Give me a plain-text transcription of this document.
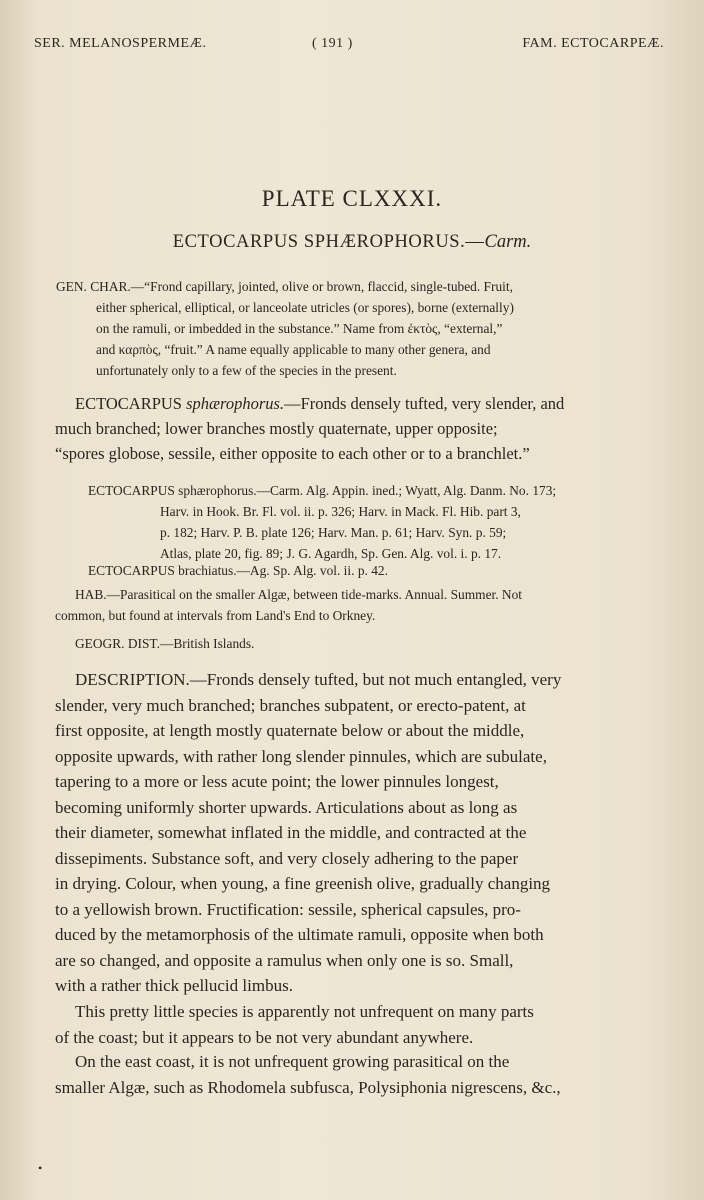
SER. MELANOSPERMEÆ.	( 191 )	FAM. ECTOCARPEÆ.
PLATE CLXXXI.
ECTOCARPUS SPHÆROPHORUS.—Carm.
GEN. CHAR.—“Frond capillary, jointed, olive or brown, flaccid, single-tubed. Fruit,
either spherical, elliptical, or lanceolate utricles (or spores), borne (externally)
on the ramuli, or imbedded in the substance.” Name from ἐκτὸς, “external,”
and καρπὸς, “fruit.” A name equally applicable to many other genera, and
unfortunately only to a few of the species in the present.
ECTOCARPUS sphærophorus.—Fronds densely tufted, very slender, and
much branched; lower branches mostly quaternate, upper opposite;
“spores globose, sessile, either opposite to each other or to a branchlet.”
ECTOCARPUS sphærophorus.—Carm. Alg. Appin. ined.; Wyatt, Alg. Danm. No. 173;
Harv. in Hook. Br. Fl. vol. ii. p. 326; Harv. in Mack. Fl. Hib. part 3,
p. 182; Harv. P. B. plate 126; Harv. Man. p. 61; Harv. Syn. p. 59;
Atlas, plate 20, fig. 89; J. G. Agardh, Sp. Gen. Alg. vol. i. p. 17.
ECTOCARPUS brachiatus.—Ag. Sp. Alg. vol. ii. p. 42.
HAB.—Parasitical on the smaller Algæ, between tide-marks. Annual. Summer. Not
common, but found at intervals from Land's End to Orkney.
GEOGR. DIST.—British Islands.
DESCRIPTION.—Fronds densely tufted, but not much entangled, very
slender, very much branched; branches subpatent, or erecto-patent, at
first opposite, at length mostly quaternate below or about the middle,
opposite upwards, with rather long slender pinnules, which are subulate,
tapering to a more or less acute point; the lower pinnules longest,
becoming uniformly shorter upwards. Articulations about as long as
their diameter, somewhat inflated in the middle, and contracted at the
dissepiments. Substance soft, and very closely adhering to the paper
in drying. Colour, when young, a fine greenish olive, gradually changing
to a yellowish brown. Fructification: sessile, spherical capsules, pro-
duced by the metamorphosis of the ultimate ramuli, opposite when both
are so changed, and opposite a ramulus when only one is so. Small,
with a rather thick pellucid limbus.
This pretty little species is apparently not unfrequent on many parts
of the coast; but it appears to be not very abundant anywhere.
On the east coast, it is not unfrequent growing parasitical on the
smaller Algæ, such as Rhodomela subfusca, Polysiphonia nigrescens, &c.,
•
